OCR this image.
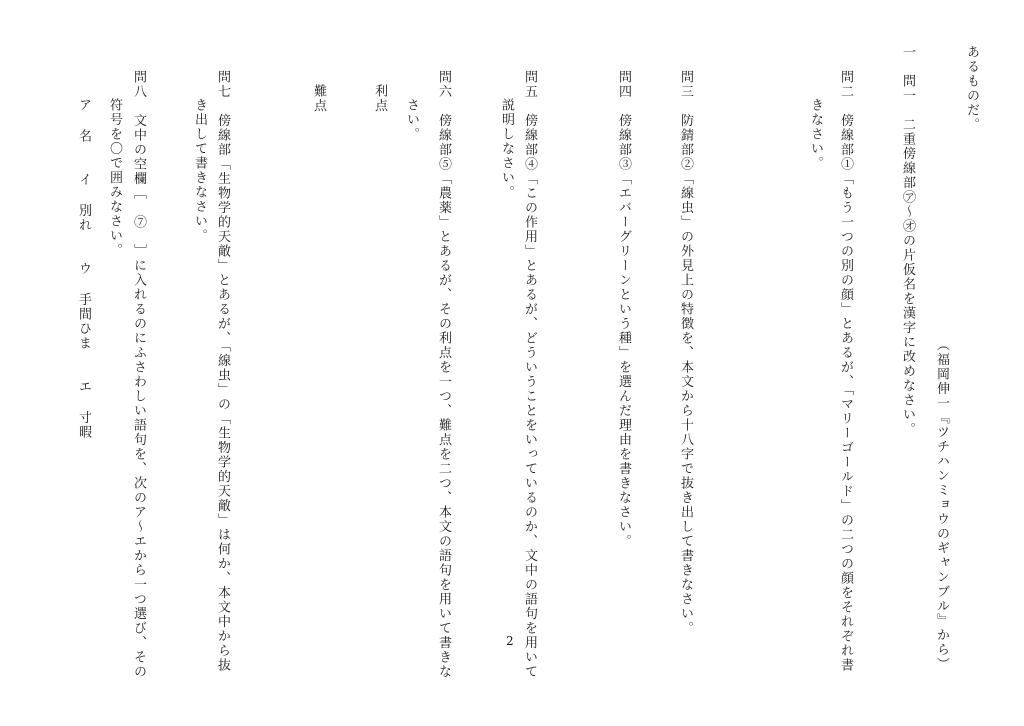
あるものだ。
（福岡伸一『ツチハンミョウのギャンブル』から）
一　問一　二重傍線部㋐〜㋔の片仮名を漢字に改めなさい。
問二　傍線部①「もう一つの別の顔」とあるが、「マリーゴールド」の二つの顔をそれぞれ書
きなさい。
問三　防錆部②「線虫」の外見上の特徴を、本文から十八字で抜き出して書きなさい。
問四　傍線部③「エバーグリーンという種」を選んだ理由を書きなさい。
問五　傍線部④「この作用」とあるが、どういうことをいっているのか、文中の語句を用いて
説明しなさい。
問六　傍線部⑤「農薬」とあるが、その利点を一つ、難点を二つ、本文の語句を用いて書きな
さい。
利点
難点
問七　傍線部「生物学的天敵」とあるが、「線虫」の「生物学的天敵」は何か、本文中から抜
き出して書きなさい。
問八　文中の空欄［　⑦　］に入れるのにふさわしい語句を、次のア〜エから一つ選び、その
符号を〇で囲みなさい。
ア 名　　イ 別れ　　ウ 手間ひま　　エ 寸暇
2
